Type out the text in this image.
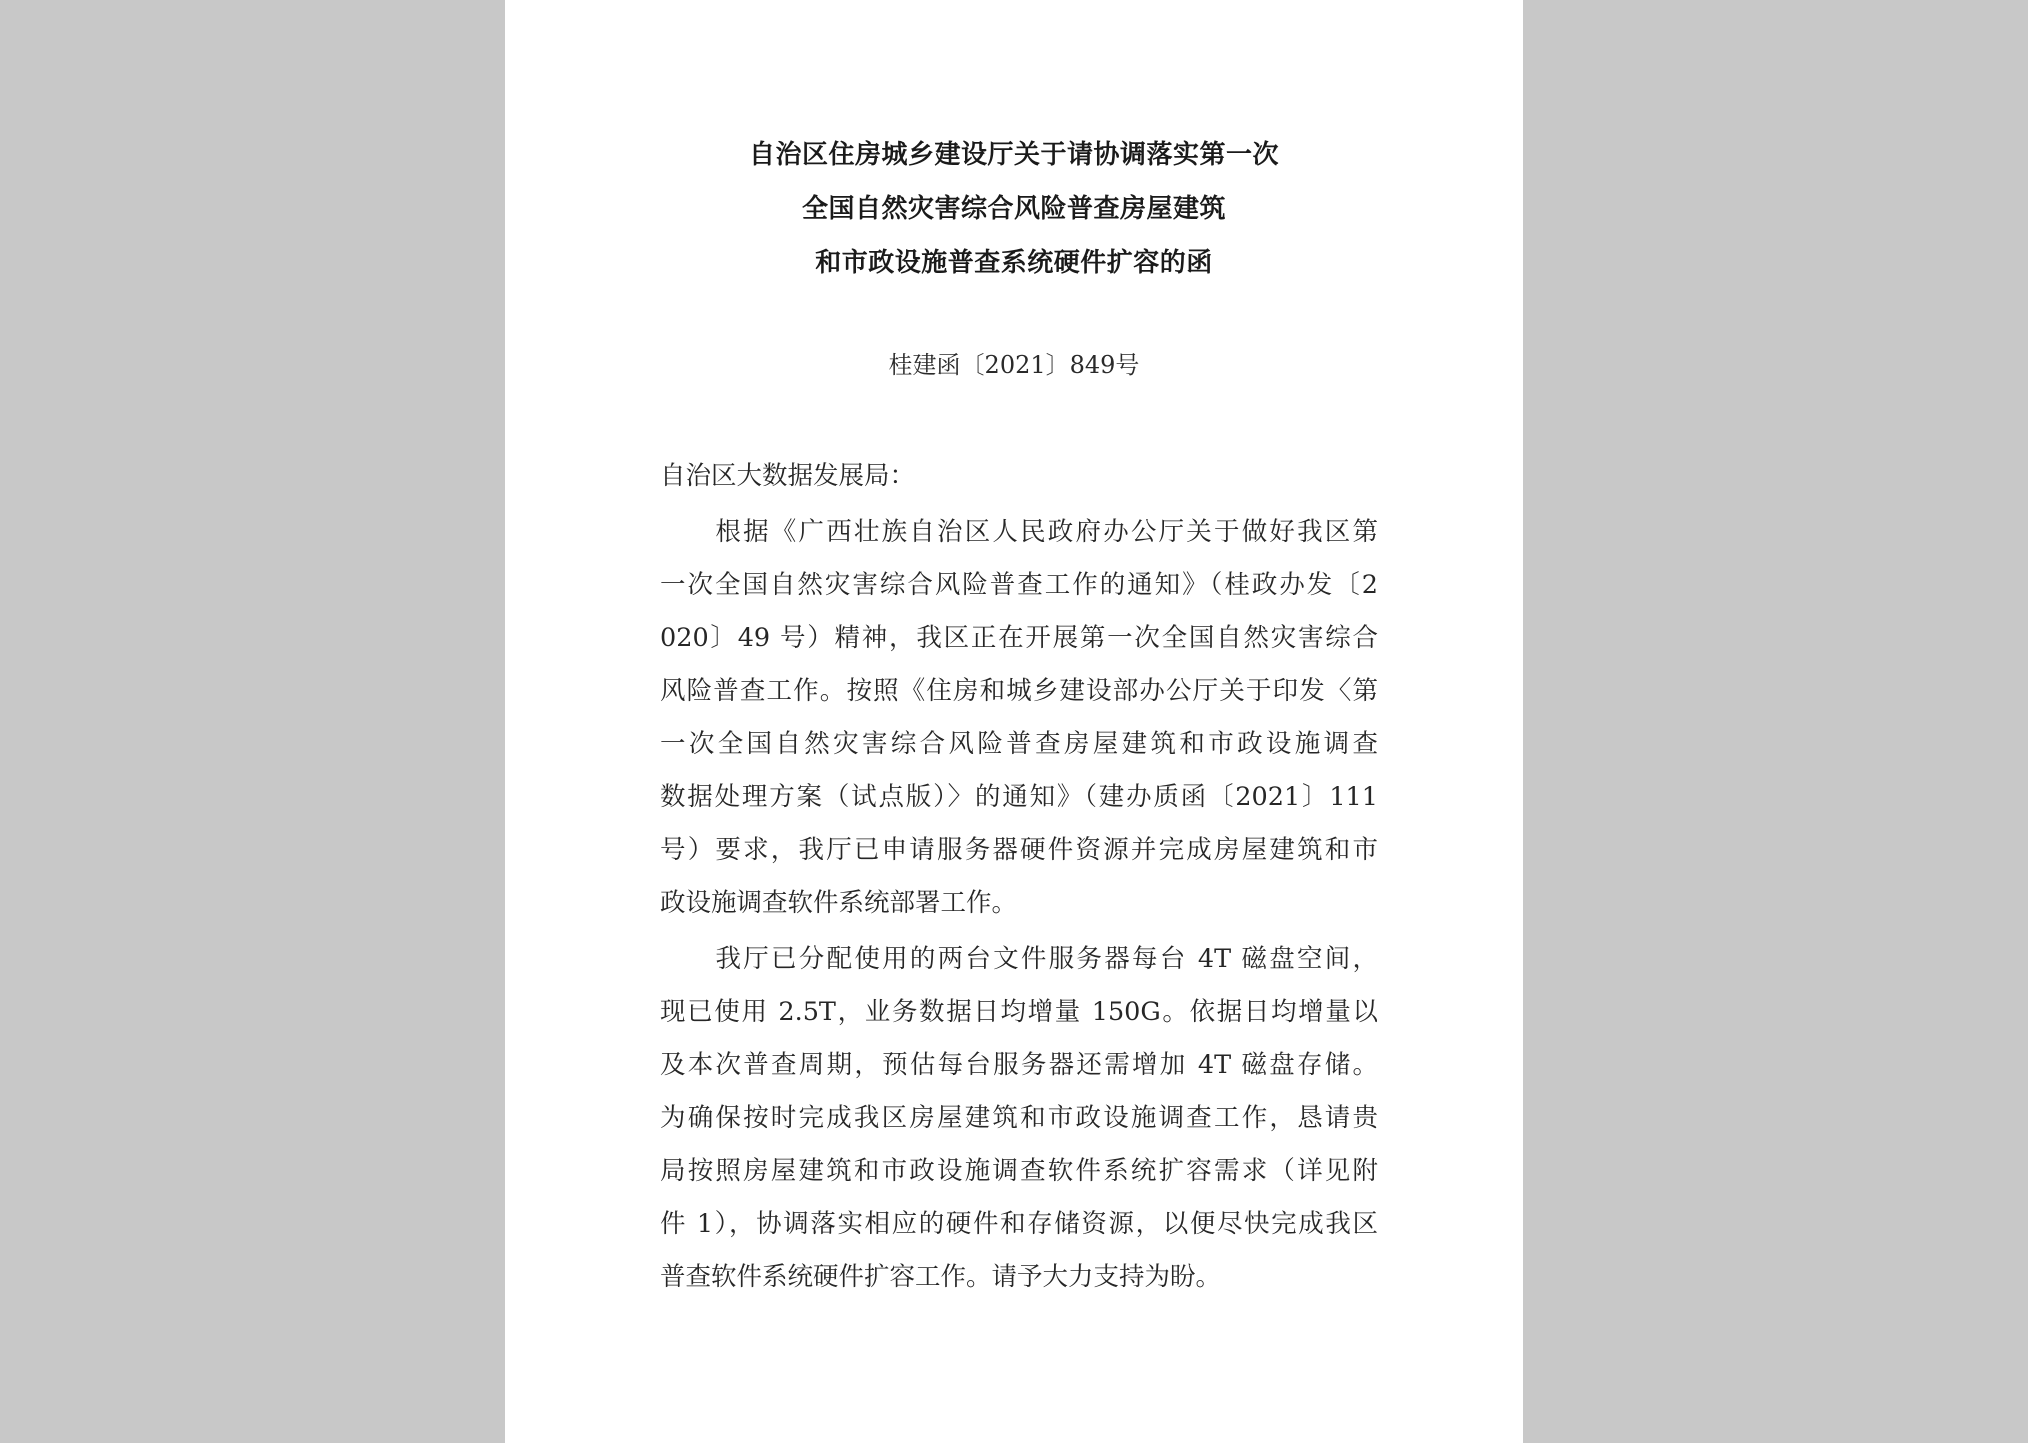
自治区住房城乡建设厅关于请协调落实第一次
全国自然灾害综合风险普查房屋建筑
和市政设施普查系统硬件扩容的函
桂建函〔2021〕849号
自治区大数据发展局：
　　根据《广西壮族自治区人民政府办公厅关于做好我区第
一次全国自然灾害综合风险普查工作的通知》（桂政办发〔2
020〕49 号）精神，我区正在开展第一次全国自然灾害综合
风险普查工作。按照《住房和城乡建设部办公厅关于印发〈第
一次全国自然灾害综合风险普查房屋建筑和市政设施调查
数据处理方案（试点版）〉的通知》（建办质函〔2021〕111
号）要求，我厅已申请服务器硬件资源并完成房屋建筑和市
政设施调查软件系统部署工作。
　　我厅已分配使用的两台文件服务器每台 4T 磁盘空间，
现已使用 2.5T，业务数据日均增量 150G。依据日均增量以
及本次普查周期，预估每台服务器还需增加 4T 磁盘存储。
为确保按时完成我区房屋建筑和市政设施调查工作，恳请贵
局按照房屋建筑和市政设施调查软件系统扩容需求（详见附
件 1），协调落实相应的硬件和存储资源，以便尽快完成我区
普查软件系统硬件扩容工作。请予大力支持为盼。
